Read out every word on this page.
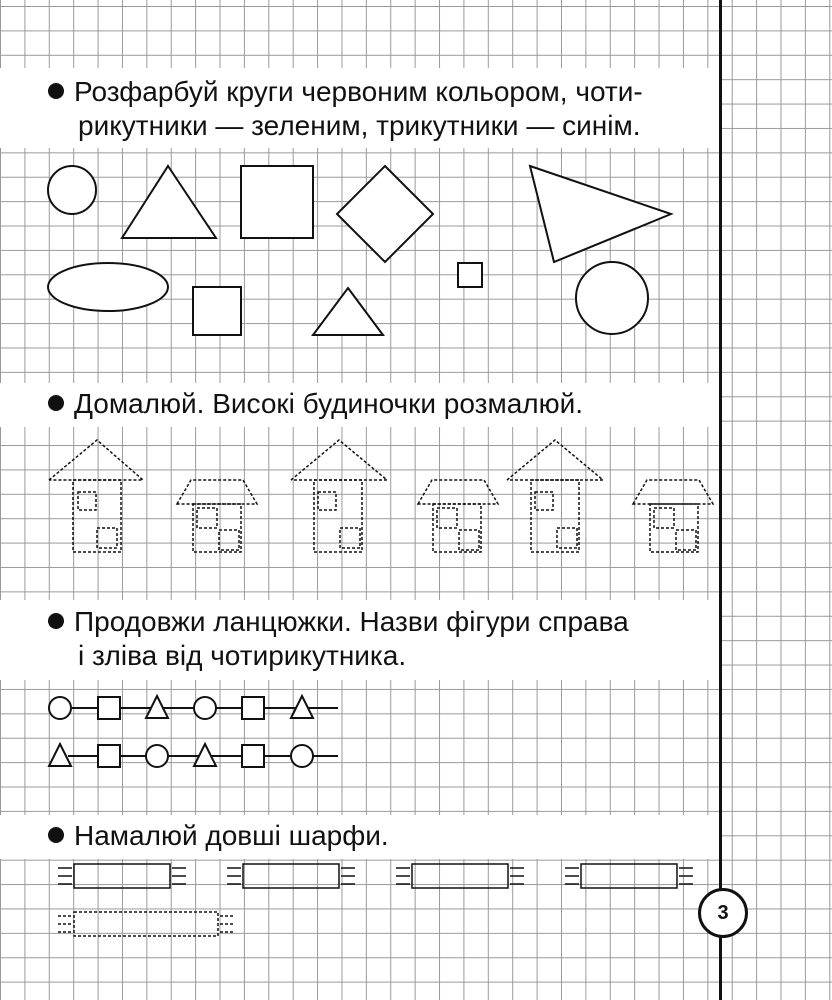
Розфарбуй круги червоним кольором, чоти-
рикутники — зеленим, трикутники — синім.
Домалюй. Високі будиночки розмалюй.
Продовжи ланцюжки. Назви фігури справа
і зліва від чотирикутника.
Намалюй довші шарфи.
3
